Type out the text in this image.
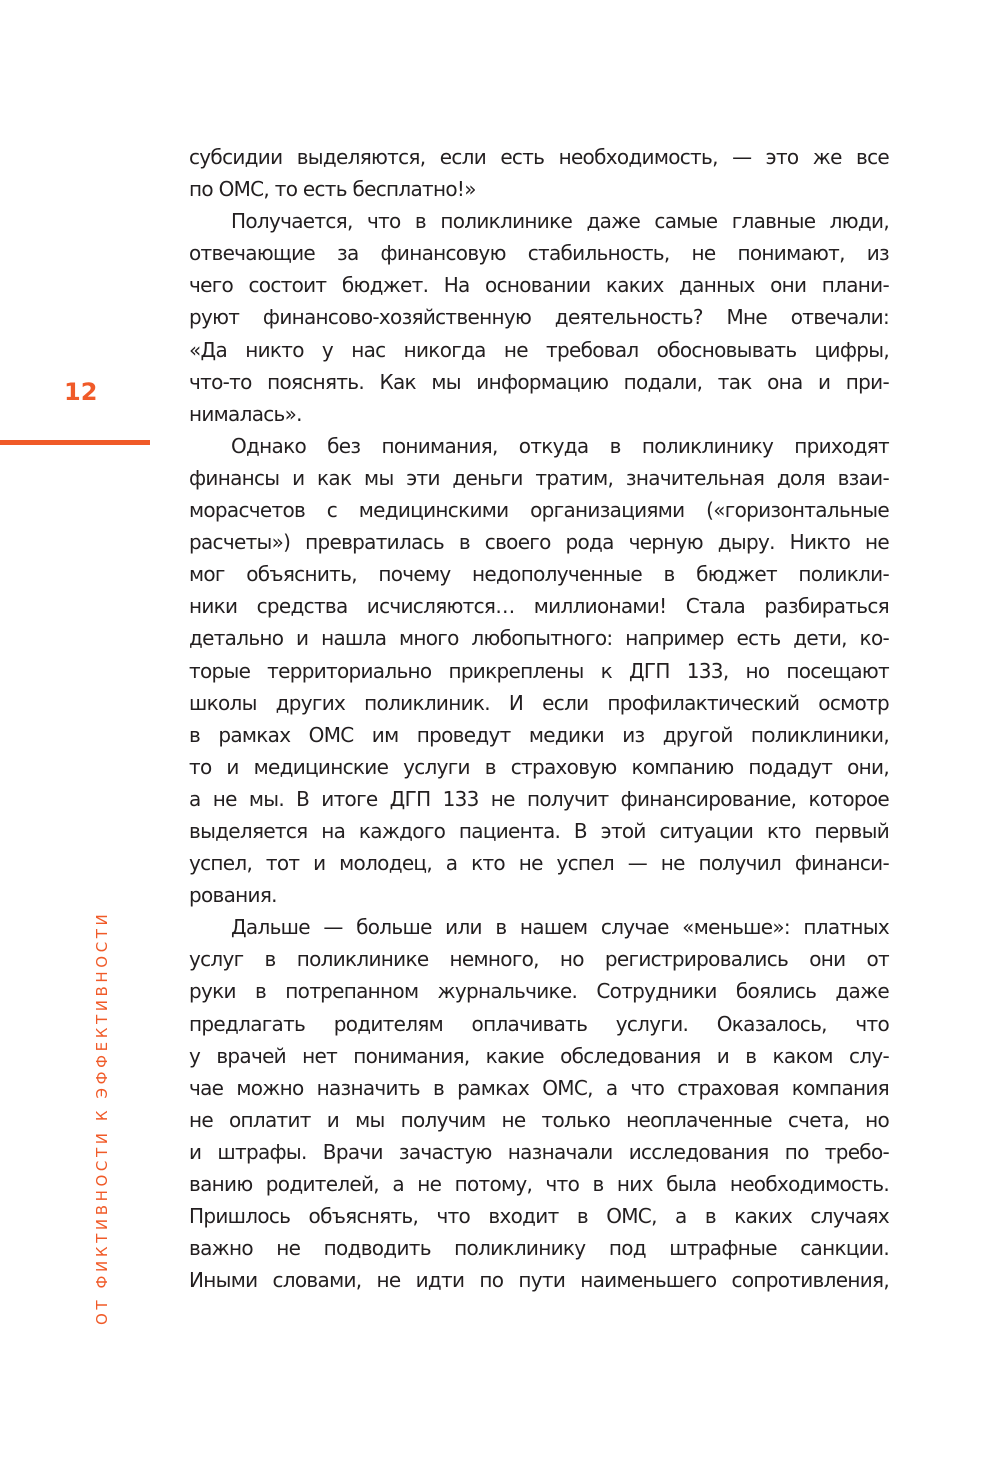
12
ОТ ФИКТИВНОСТИ К ЭФФЕКТИВНОСТИ
субсидии выделяются, если есть необходимость, — это же все
по ОМС, то есть бесплатно!»
Получается, что в поликлинике даже самые главные люди,
отвечающие за финансовую стабильность, не понимают, из
чего состоит бюджет. На основании каких данных они плани-
руют финансово-хозяйственную деятельность? Мне отвечали:
«Да никто у нас никогда не требовал обосновывать цифры,
что-то пояснять. Как мы информацию подали, так она и при-
нималась».
Однако без понимания, откуда в поликлинику приходят
финансы и как мы эти деньги тратим, значительная доля взаи-
морасчетов с медицинскими организациями («горизонтальные
расчеты») превратилась в своего рода черную дыру. Никто не
мог объяснить, почему недополученные в бюджет поликли-
ники средства исчисляются… миллионами! Стала разбираться
детально и нашла много любопытного: например есть дети, ко-
торые территориально прикреплены к ДГП 133, но посещают
школы других поликлиник. И если профилактический осмотр
в рамках ОМС им проведут медики из другой поликлиники,
то и медицинские услуги в страховую компанию подадут они,
а не мы. В итоге ДГП 133 не получит финансирование, которое
выделяется на каждого пациента. В этой ситуации кто первый
успел, тот и молодец, а кто не успел — не получил финанси-
рования.
Дальше — больше или в нашем случае «меньше»: платных
услуг в поликлинике немного, но регистрировались они от
руки в потрепанном журнальчике. Сотрудники боялись даже
предлагать родителям оплачивать услуги. Оказалось, что
у врачей нет понимания, какие обследования и в каком слу-
чае можно назначить в рамках ОМС, а что страховая компания
не оплатит и мы получим не только неоплаченные счета, но
и штрафы. Врачи зачастую назначали исследования по требо-
ванию родителей, а не потому, что в них была необходимость.
Пришлось объяснять, что входит в ОМС, а в каких случаях
важно не подводить поликлинику под штрафные санкции.
Иными словами, не идти по пути наименьшего сопротивления,
